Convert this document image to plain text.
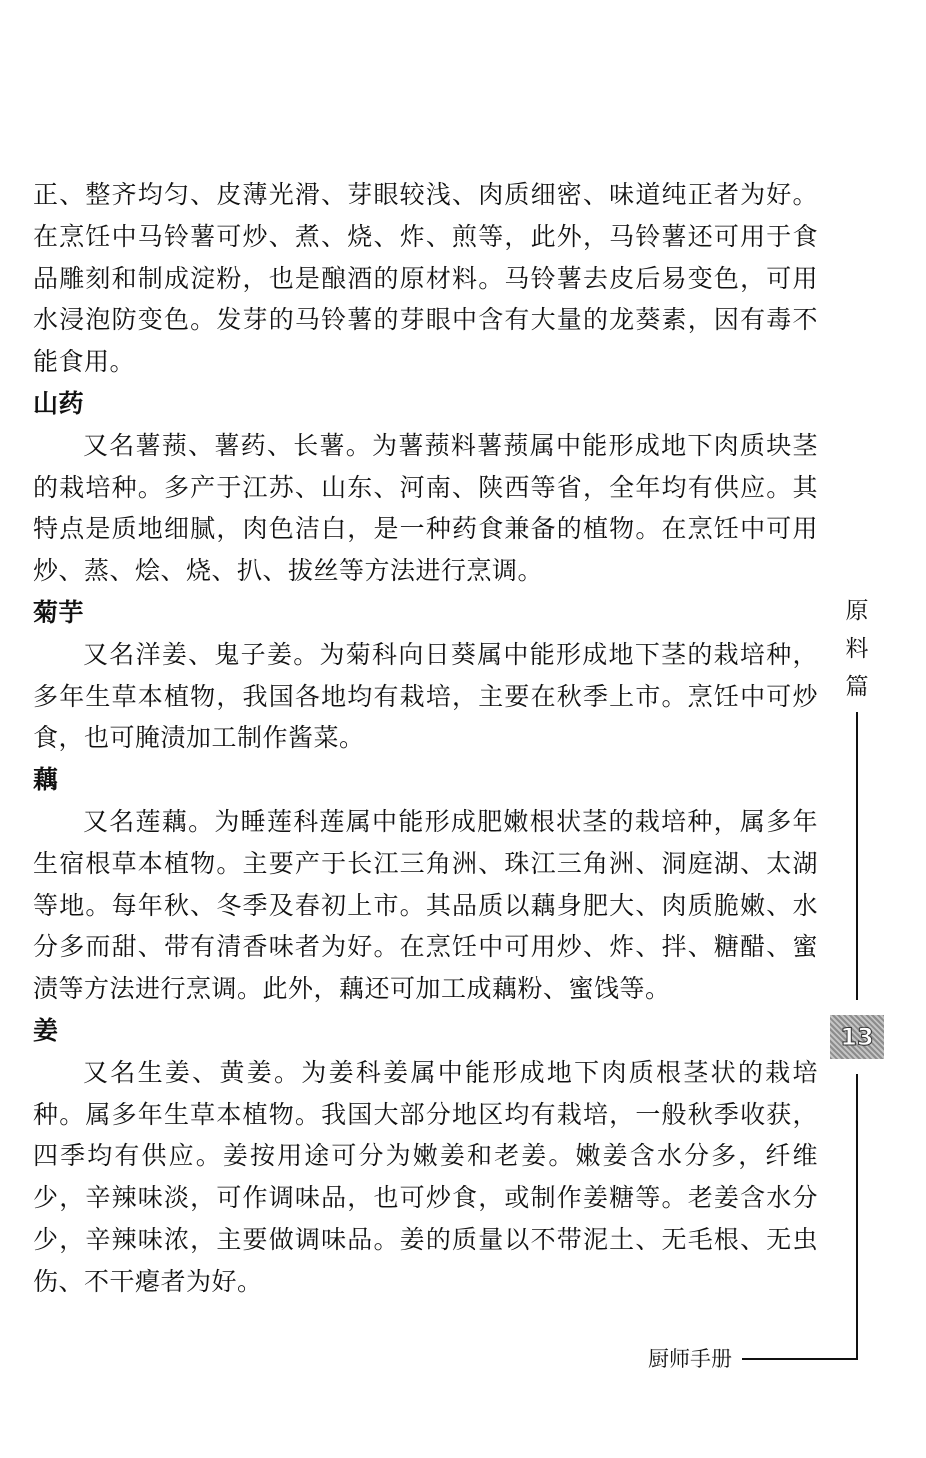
正、整齐均匀、皮薄光滑、芽眼较浅、肉质细密、味道纯正者为好。在烹饪中马铃薯可炒、煮、烧、炸、煎等，此外，马铃薯还可用于食品雕刻和制成淀粉，也是酿酒的原材料。马铃薯去皮后易变色，可用水浸泡防变色。发芽的马铃薯的芽眼中含有大量的龙葵素，因有毒不能食用。

山药

又名薯蓣、薯药、长薯。为薯蓣料薯蓣属中能形成地下肉质块茎的栽培种。多产于江苏、山东、河南、陕西等省，全年均有供应。其特点是质地细腻，肉色洁白，是一种药食兼备的植物。在烹饪中可用炒、蒸、烩、烧、扒、拔丝等方法进行烹调。

菊芋

又名洋姜、鬼子姜。为菊科向日葵属中能形成地下茎的栽培种，多年生草本植物，我国各地均有栽培，主要在秋季上市。烹饪中可炒食，也可腌渍加工制作酱菜。

藕

又名莲藕。为睡莲科莲属中能形成肥嫩根状茎的栽培种，属多年生宿根草本植物。主要产于长江三角洲、珠江三角洲、洞庭湖、太湖等地。每年秋、冬季及春初上市。其品质以藕身肥大、肉质脆嫩、水分多而甜、带有清香味者为好。在烹饪中可用炒、炸、拌、糖醋、蜜渍等方法进行烹调。此外，藕还可加工成藕粉、蜜饯等。

姜

又名生姜、黄姜。为姜科姜属中能形成地下肉质根茎状的栽培种。属多年生草本植物。我国大部分地区均有栽培，一般秋季收获，四季均有供应。姜按用途可分为嫩姜和老姜。嫩姜含水分多，纤维少，辛辣味淡，可作调味品，也可炒食，或制作姜糖等。老姜含水分少，辛辣味浓，主要做调味品。姜的质量以不带泥土、无毛根、无虫伤、不干瘪者为好。

原料篇
13
厨师手册
